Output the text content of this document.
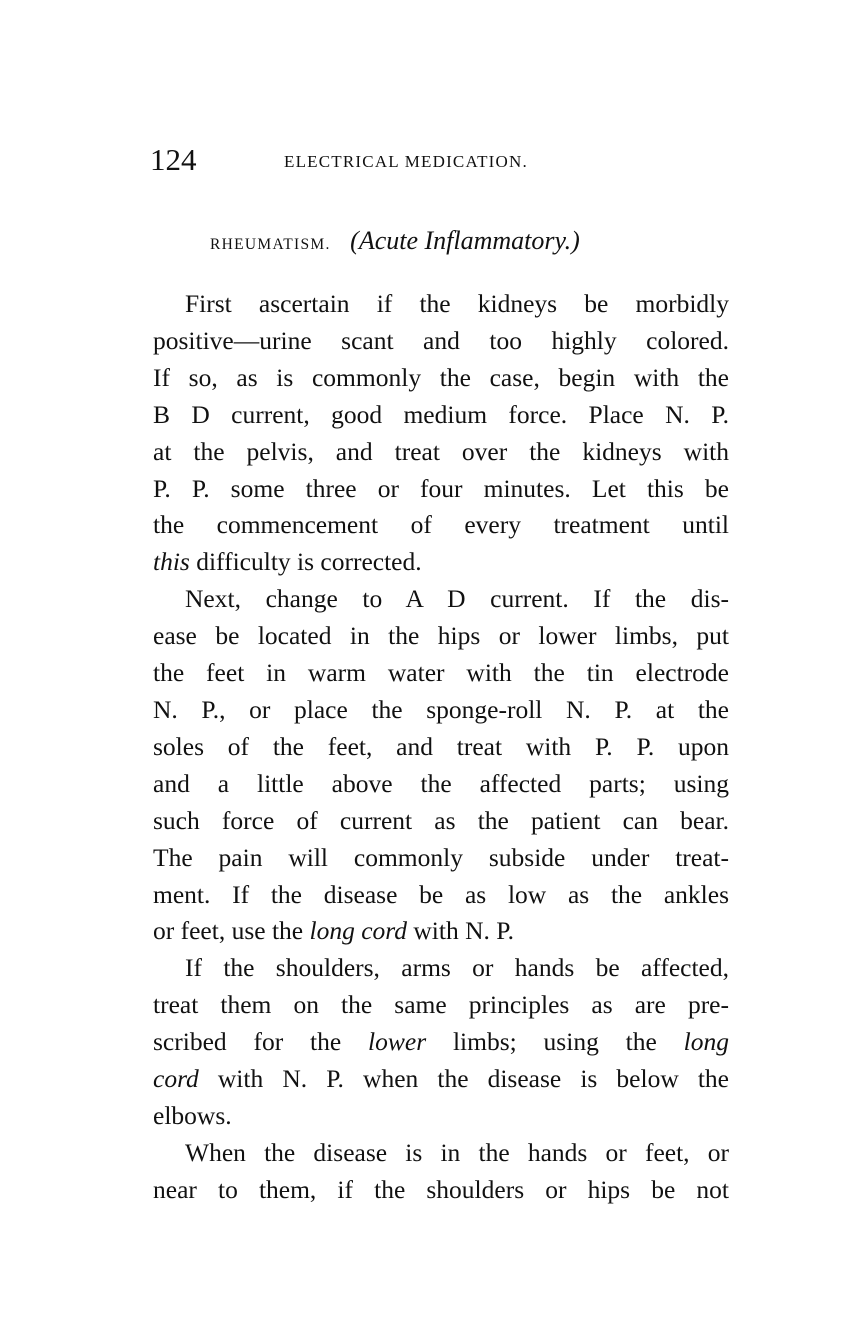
124	ELECTRICAL MEDICATION.
RHEUMATISM. (Acute Inflammatory.)

First ascertain if the kidneys be morbidly
positive—urine scant and too highly colored.
If so, as is commonly the case, begin with the
B D current, good medium force. Place N. P.
at the pelvis, and treat over the kidneys with
P. P. some three or four minutes. Let this be
the commencement of every treatment until
this difficulty is corrected.

Next, change to A D current. If the dis-
ease be located in the hips or lower limbs, put
the feet in warm water with the tin electrode
N. P., or place the sponge-roll N. P. at the
soles of the feet, and treat with P. P. upon
and a little above the affected parts; using
such force of current as the patient can bear.
The pain will commonly subside under treat-
ment. If the disease be as low as the ankles
or feet, use the long cord with N. P.

If the shoulders, arms or hands be affected,
treat them on the same principles as are pre-
scribed for the lower limbs; using the long
cord with N. P. when the disease is below the
elbows.

When the disease is in the hands or feet, or
near to them, if the shoulders or hips be not
